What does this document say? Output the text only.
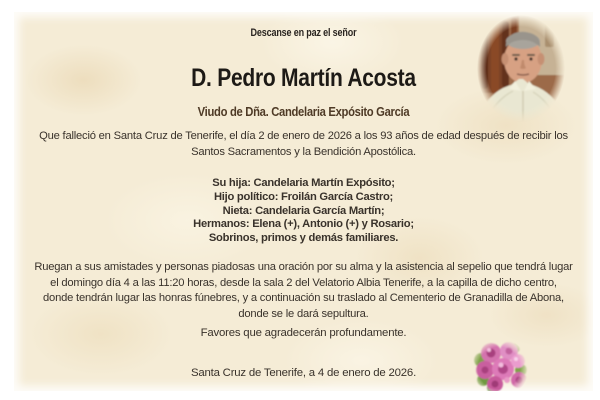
Descanse en paz el señor
D. Pedro Martín Acosta
Viudo de Dña. Candelaria Expósito García

Que falleció en Santa Cruz de Tenerife, el día 2 de enero de 2026 a los 93 años de edad después de recibir los Santos Sacramentos y la Bendición Apostólica.

Su hija: Candelaria Martín Expósito;
Hijo político: Froilán García Castro;
Nieta: Candelaria García Martín;
Hermanos: Elena (+), Antonio (+) y Rosario;
Sobrinos, primos y demás familiares.

Ruegan a sus amistades y personas piadosas una oración por su alma y la asistencia al sepelio que tendrá lugar el domingo día 4 a las 11:20 horas, desde la sala 2 del Velatorio Albia Tenerife, a la capilla de dicho centro, donde tendrán lugar las honras fúnebres, y a continuación su traslado al Cementerio de Granadilla de Abona, donde se le dará sepultura.

Favores que agradecerán profundamente.
Santa Cruz de Tenerife, a 4 de enero de 2026.
